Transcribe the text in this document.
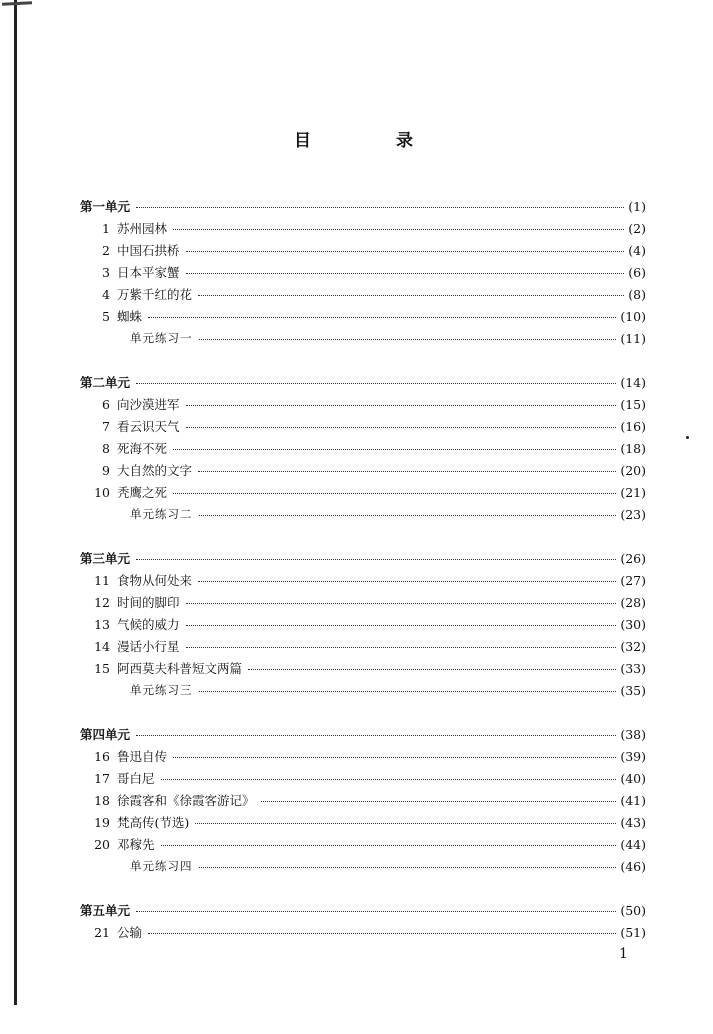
目　录
第一单元	(1)
1 苏州园林	(2)
2 中国石拱桥	(4)
3 日本平家蟹	(6)
4 万紫千红的花	(8)
5 蜘蛛	(10)
单元练习一	(11)
第二单元	(14)
6 向沙漠进军	(15)
7 看云识天气	(16)
8 死海不死	(18)
9 大自然的文字	(20)
10 秃鹰之死	(21)
单元练习二	(23)
第三单元	(26)
11 食物从何处来	(27)
12 时间的脚印	(28)
13 气候的威力	(30)
14 漫话小行星	(32)
15 阿西莫夫科普短文两篇	(33)
单元练习三	(35)
第四单元	(38)
16 鲁迅自传	(39)
17 哥白尼	(40)
18 徐霞客和《徐霞客游记》	(41)
19 梵高传(节选)	(43)
20 邓稼先	(44)
单元练习四	(46)
第五单元	(50)
21 公输	(51)
1
